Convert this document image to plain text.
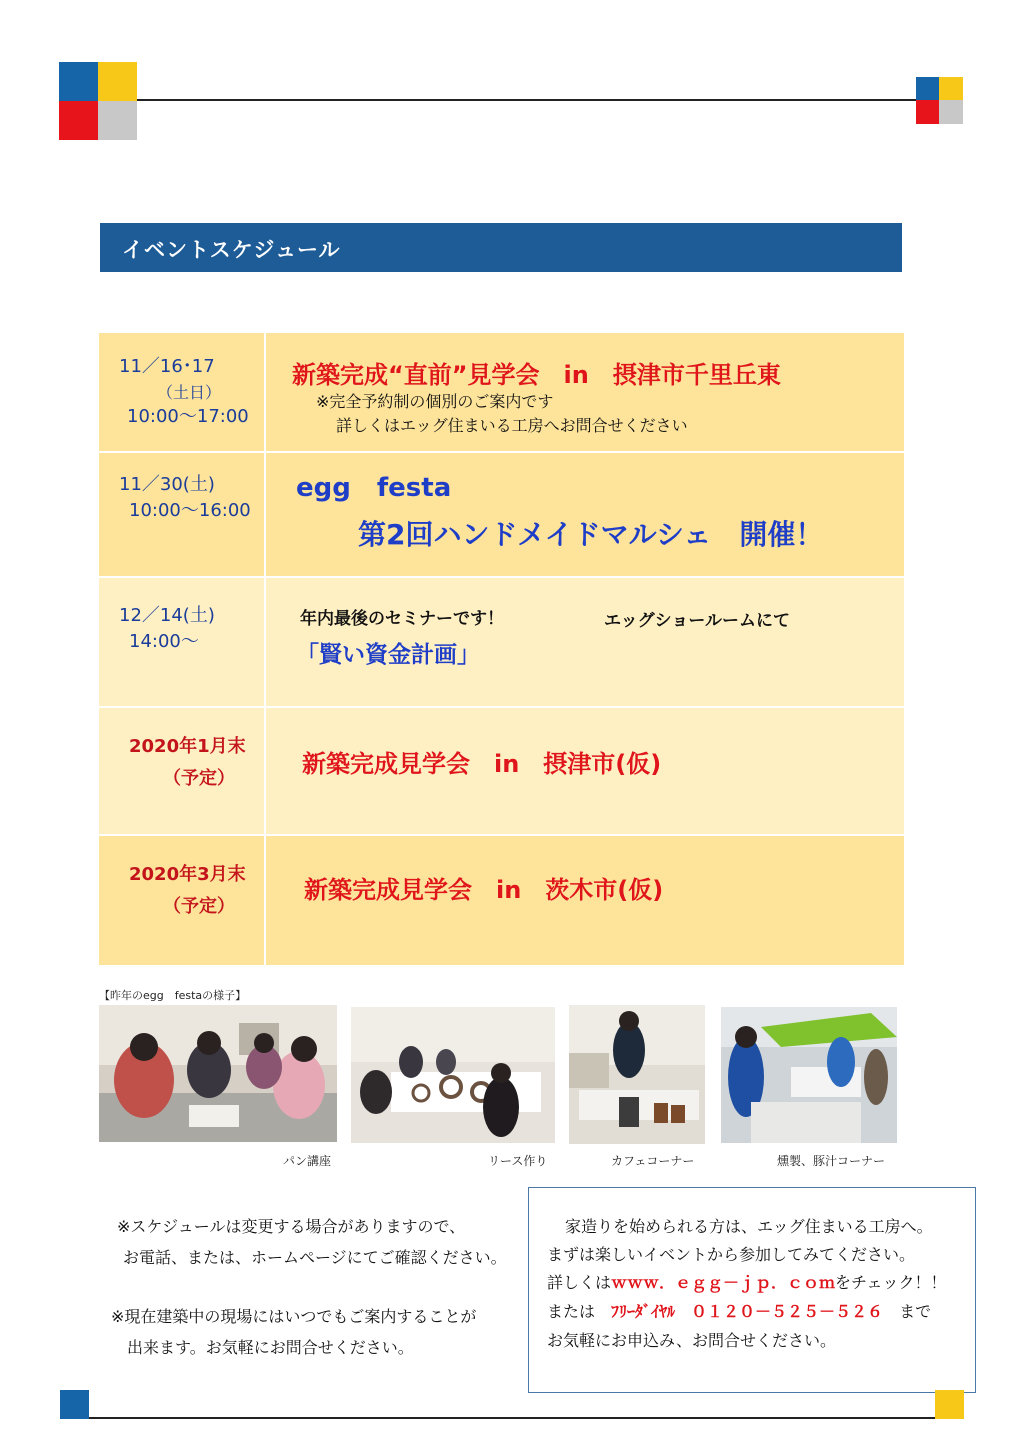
イベントスケジュール
11／16･17
（土日）
10:00～17:00
新築完成“直前”見学会　in　摂津市千里丘東
※完全予約制の個別のご案内です
詳しくはエッグ住まいる工房へお問合せください
11／30(土)
10:00～16:00
egg　festa
第2回ハンドメイドマルシェ　開催！
12／14(土)
14:00～
年内最後のセミナーです！	エッグショールームにて
「賢い資金計画」
2020年1月末
（予定）
新築完成見学会　in　摂津市(仮)
2020年3月末
（予定）
新築完成見学会　in　茨木市(仮)
【昨年のegg　festaの様子】
パン講座	リース作り	カフェコーナー	燻製、豚汁コーナー
※スケジュールは変更する場合がありますので、
お電話、または、ホームページにてご確認ください。
※現在建築中の現場にはいつでもご案内することが
出来ます。お気軽にお問合せください。
家造りを始められる方は、エッグ住まいる工房へ。
まずは楽しいイベントから参加してみてください。
詳しくはｗｗｗ．ｅｇｇ－ｊｐ．ｃｏｍをチェック！！
または　 ﾌﾘｰﾀﾞｲﾔﾙ　０１２０－５２５－５２６　 まで
お気軽にお申込み、お問合せください。
